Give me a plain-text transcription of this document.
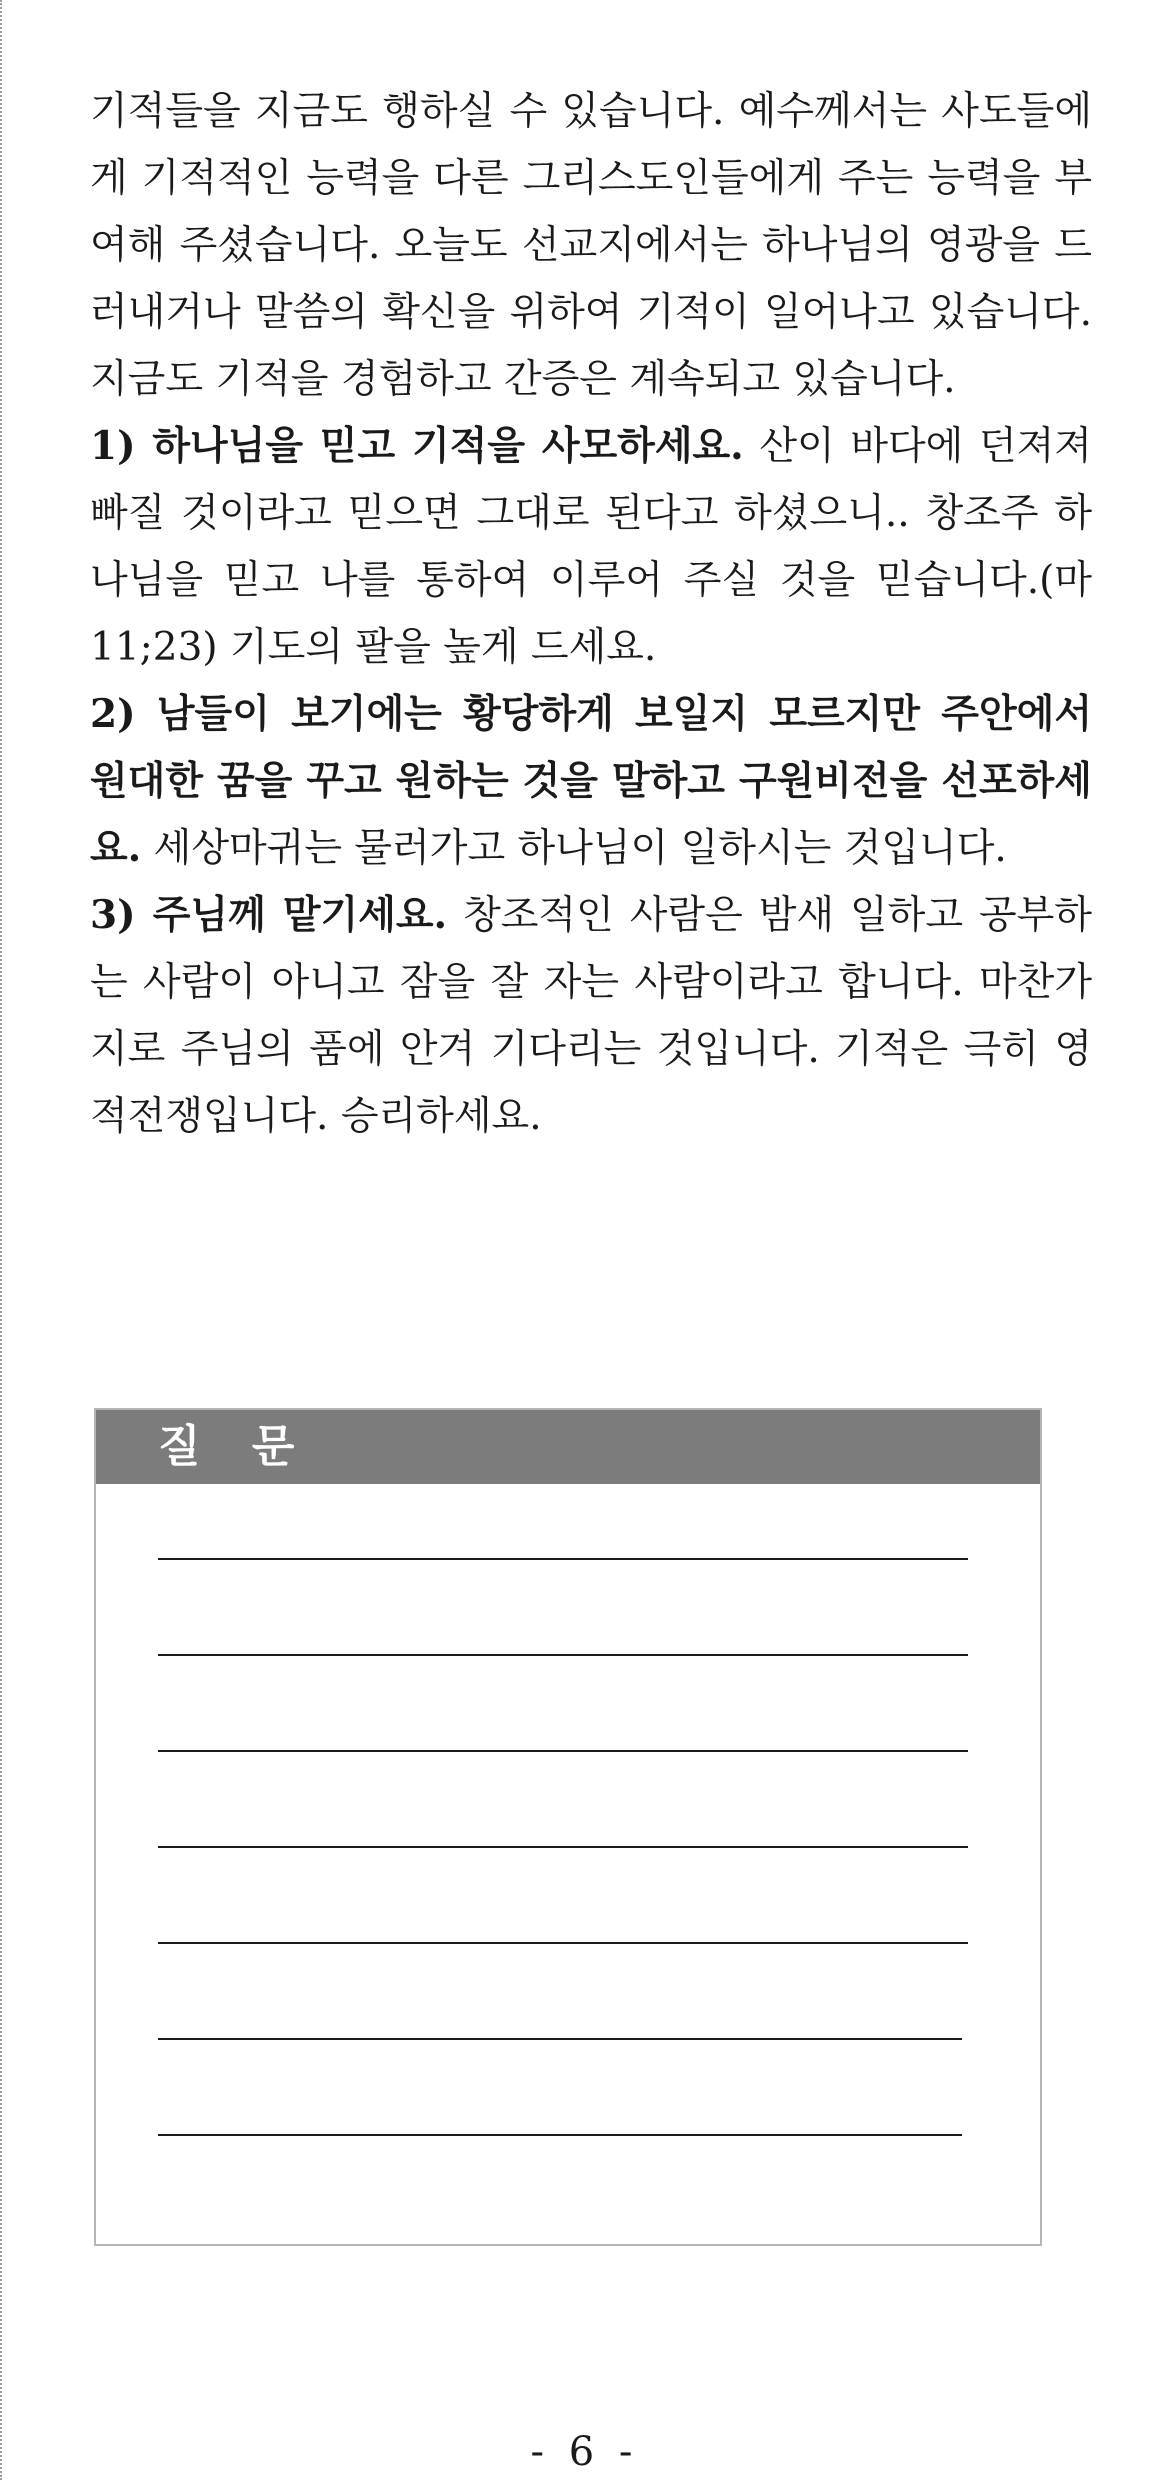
기적들을 지금도 행하실 수 있습니다. 예수께서는 사도들에게 기적적인 능력을 다른 그리스도인들에게 주는 능력을 부여해 주셨습니다. 오늘도 선교지에서는 하나님의 영광을 드러내거나 말씀의 확신을 위하여 기적이 일어나고 있습니다. 지금도 기적을 경험하고 간증은 계속되고 있습니다.

1) 하나님을 믿고 기적을 사모하세요. 산이 바다에 던져져 빠질 것이라고 믿으면 그대로 된다고 하셨으니.. 창조주 하나님을 믿고 나를 통하여 이루어 주실 것을 믿습니다.(마11;23) 기도의 팔을 높게 드세요.

2) 남들이 보기에는 황당하게 보일지 모르지만 주안에서 원대한 꿈을 꾸고 원하는 것을 말하고 구원비전을 선포하세요. 세상마귀는 물러가고 하나님이 일하시는 것입니다.

3) 주님께 맡기세요. 창조적인 사람은 밤새 일하고 공부하는 사람이 아니고 잠을 잘 자는 사람이라고 합니다. 마찬가지로 주님의 품에 안겨 기다리는 것입니다. 기적은 극히 영적전쟁입니다. 승리하세요.

질 문
- 6 -
